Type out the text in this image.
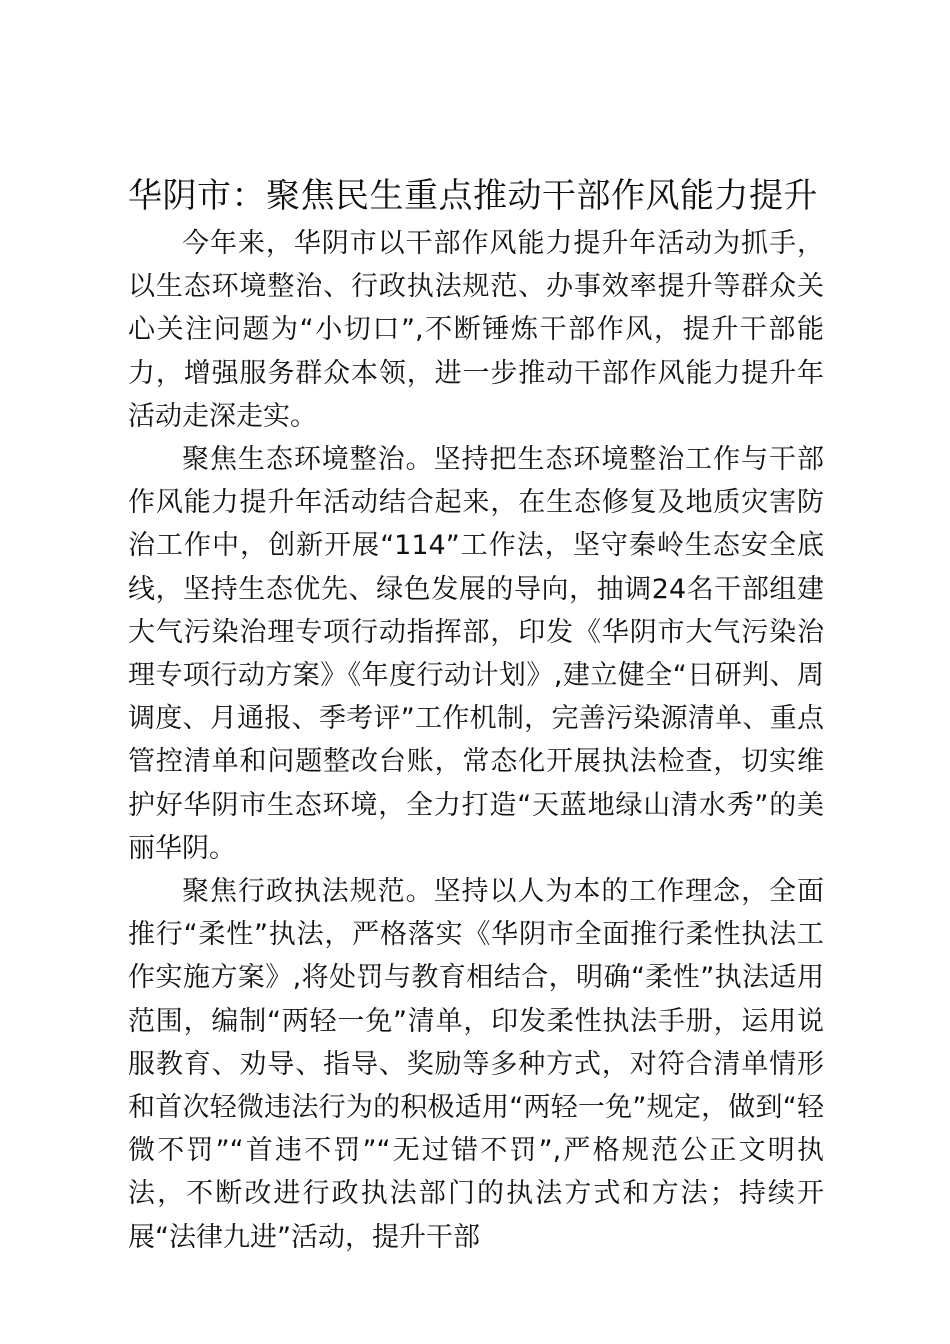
华阴市：聚焦民生重点推动干部作风能力提升

今年来，华阴市以干部作风能力提升年活动为抓手，以生态环境整治、行政执法规范、办事效率提升等群众关心关注问题为“小切口”,不断锤炼干部作风，提升干部能力，增强服务群众本领，进一步推动干部作风能力提升年活动走深走实。

聚焦生态环境整治。坚持把生态环境整治工作与干部作风能力提升年活动结合起来，在生态修复及地质灾害防治工作中，创新开展“114”工作法，坚守秦岭生态安全底线，坚持生态优先、绿色发展的导向，抽调24名干部组建大气污染治理专项行动指挥部，印发《华阴市大气污染治理专项行动方案》《年度行动计划》,建立健全“日研判、周调度、月通报、季考评”工作机制，完善污染源清单、重点管控清单和问题整改台账，常态化开展执法检查，切实维护好华阴市生态环境，全力打造“天蓝地绿山清水秀”的美丽华阴。

聚焦行政执法规范。坚持以人为本的工作理念，全面推行“柔性”执法，严格落实《华阴市全面推行柔性执法工作实施方案》,将处罚与教育相结合，明确“柔性”执法适用范围，编制“两轻一免”清单，印发柔性执法手册，运用说服教育、劝导、指导、奖励等多种方式，对符合清单情形和首次轻微违法行为的积极适用“两轻一免”规定，做到“轻微不罚”“首违不罚”“无过错不罚”,严格规范公正文明执法，不断改进行政执法部门的执法方式和方法；持续开展“法律九进”活动，提升干部
